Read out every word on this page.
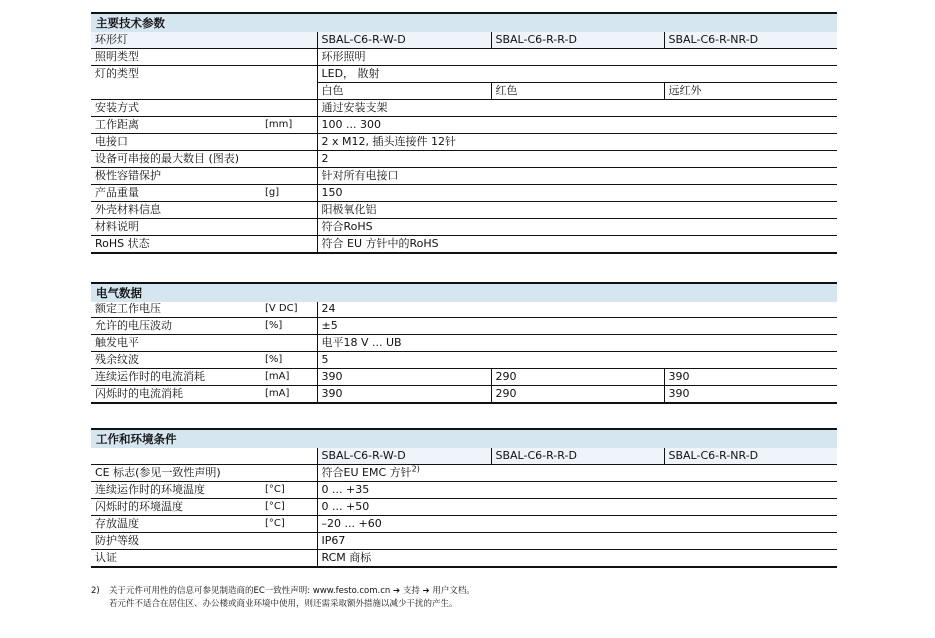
主要技术参数
环形灯		SBAL-C6-R-W-D	SBAL-C6-R-R-D	SBAL-C6-R-NR-D
照明类型		环形照明		
灯的类型		LED， 散射		
		白色	红色	远红外
安装方式		通过安装支架		
工作距离	[mm]	100 ... 300		
电接口		2 x M12, 插头连接件 12针		
设备可串接的最大数目 (图表)		2		
极性容错保护		针对所有电接口		
产品重量	[g]	150		
外壳材料信息		阳极氧化铝		
材料说明		符合RoHS		
RoHS 状态		符合 EU 方针中的RoHS		
电气数据

额定工作电压	[V DC]	24		
允许的电压波动	[%]	±5		
触发电平		电平18 V ... UB		
残余纹波	[%]	5		
连续运作时的电流消耗	[mA]	390	290	390
闪烁时的电流消耗	[mA]	390	290	390
工作和环境条件
		SBAL-C6-R-W-D	SBAL-C6-R-R-D	SBAL-C6-R-NR-D
CE 标志(参见一致性声明)		符合EU EMC 方针$^{2)}$
连续运作时的环境温度	[°C]	0 ... +35		
闪烁时的环境温度	[°C]	0 ... +50		
存放温度	[°C]	–20 ... +60		
防护等级		IP67		
认证		RCM 商标		
2) 关于元件可用性的信息可参见制造商的EC一致性声明: www.festo.com.cn ➔ 支持 ➔ 用户文档。
若元件不适合在居住区、办公楼或商业环境中使用，则还需采取额外措施以减少干扰的产生。
